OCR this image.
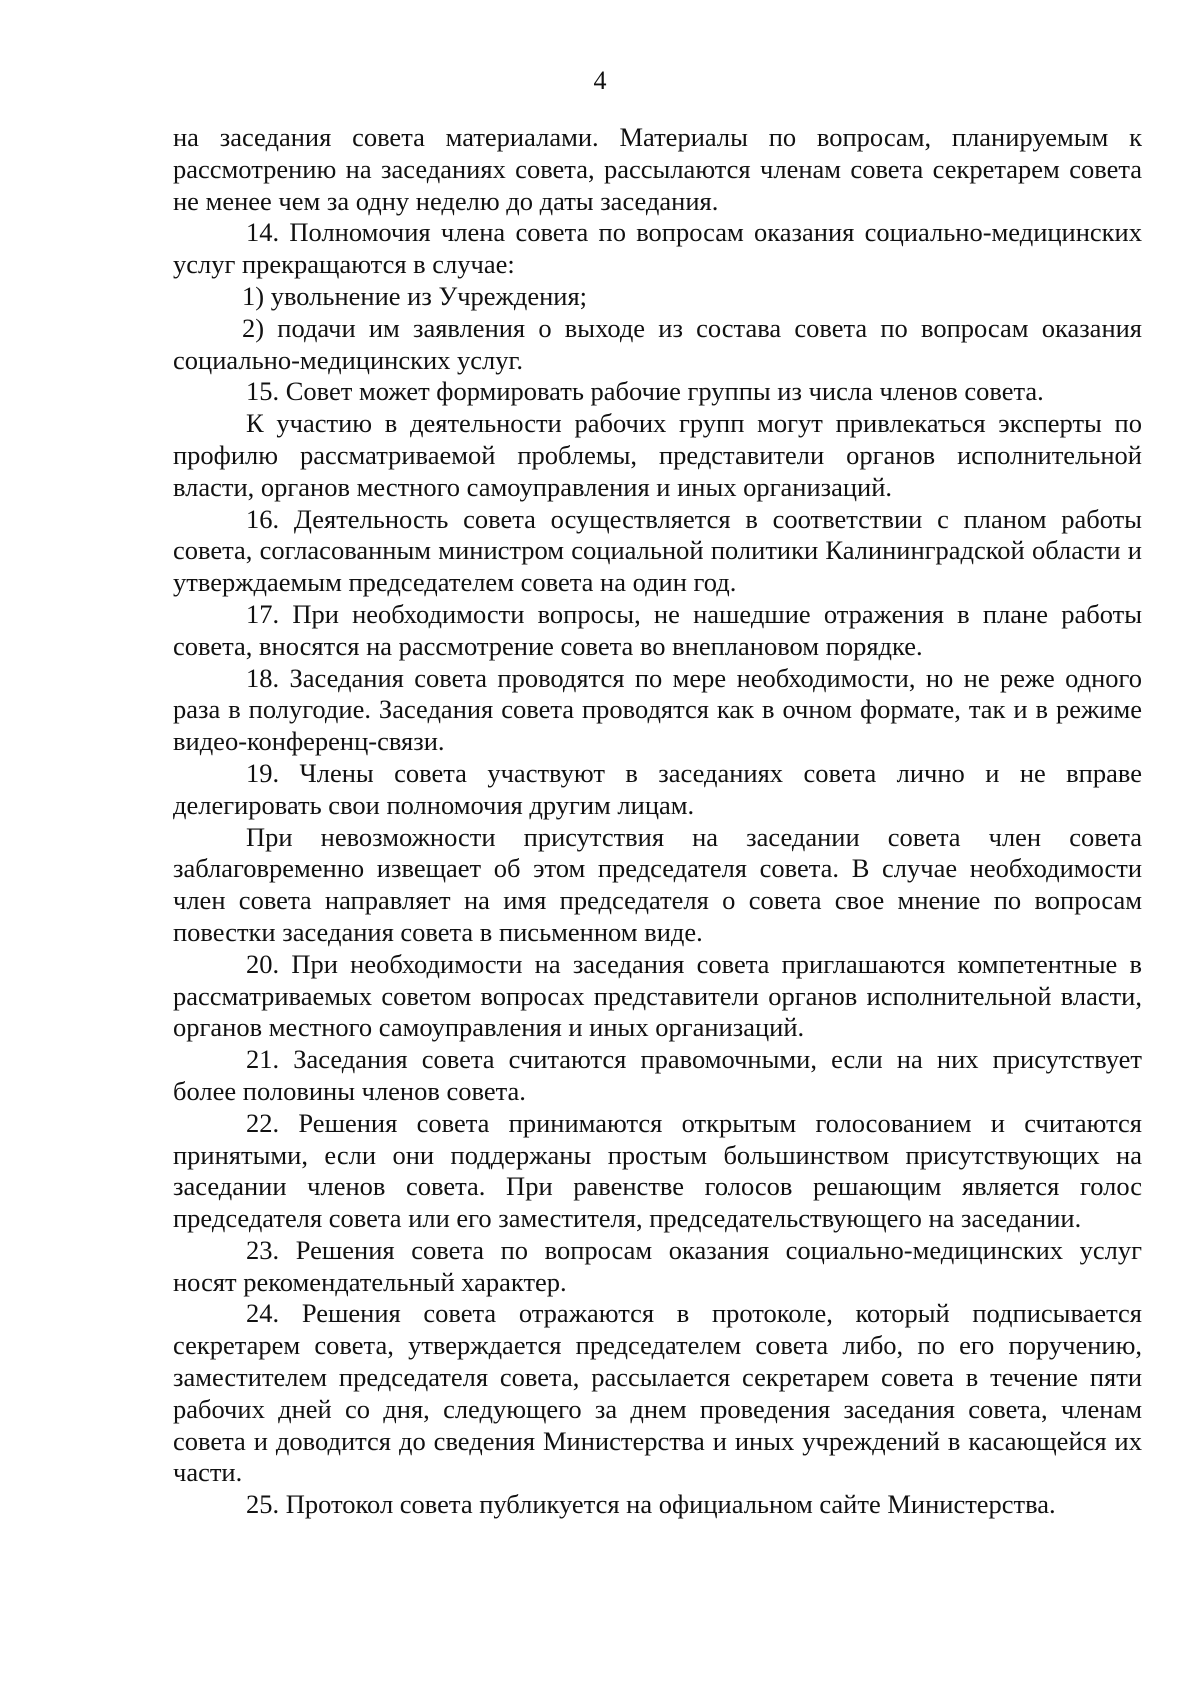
4

на заседания совета материалами. Материалы по вопросам, планируемым к рассмотрению на заседаниях совета, рассылаются членам совета секретарем совета не менее чем за одну неделю до даты заседания.

14. Полномочия члена совета по вопросам оказания социально-медицинских услуг прекращаются в случае:

1) увольнение из Учреждения;

2) подачи им заявления о выходе из состава совета по вопросам оказания социально-медицинских услуг.

15. Совет может формировать рабочие группы из числа членов совета.

К участию в деятельности рабочих групп могут привлекаться эксперты по профилю рассматриваемой проблемы, представители органов исполнительной власти, органов местного самоуправления и иных организаций.

16. Деятельность совета осуществляется в соответствии с планом работы совета, согласованным министром социальной политики Калининградской области и утверждаемым председателем совета на один год.

17. При необходимости вопросы, не нашедшие отражения в плане работы совета, вносятся на рассмотрение совета во внеплановом порядке.

18. Заседания совета проводятся по мере необходимости, но не реже одного раза в полугодие. Заседания совета проводятся как в очном формате, так и в режиме видео-конференц-связи.

19. Члены совета участвуют в заседаниях совета лично и не вправе делегировать свои полномочия другим лицам.

При невозможности присутствия на заседании совета член совета заблаговременно извещает об этом председателя совета. В случае необходимости член совета направляет на имя председателя о совета свое мнение по вопросам повестки заседания совета в письменном виде.

20. При необходимости на заседания совета приглашаются компетентные в рассматриваемых советом вопросах представители органов исполнительной власти, органов местного самоуправления и иных организаций.

21. Заседания совета считаются правомочными, если на них присутствует более половины членов совета.

22. Решения совета принимаются открытым голосованием и считаются принятыми, если они поддержаны простым большинством присутствующих на заседании членов совета. При равенстве голосов решающим является голос председателя совета или его заместителя, председательствующего на заседании.

23. Решения совета по вопросам оказания социально-медицинских услуг носят рекомендательный характер.

24. Решения совета отражаются в протоколе, который подписывается секретарем совета, утверждается председателем совета либо, по его поручению, заместителем председателя совета, рассылается секретарем совета в течение пяти рабочих дней со дня, следующего за днем проведения заседания совета, членам совета и доводится до сведения Министерства и иных учреждений в касающейся их части.

25. Протокол совета публикуется на официальном сайте Министерства.
